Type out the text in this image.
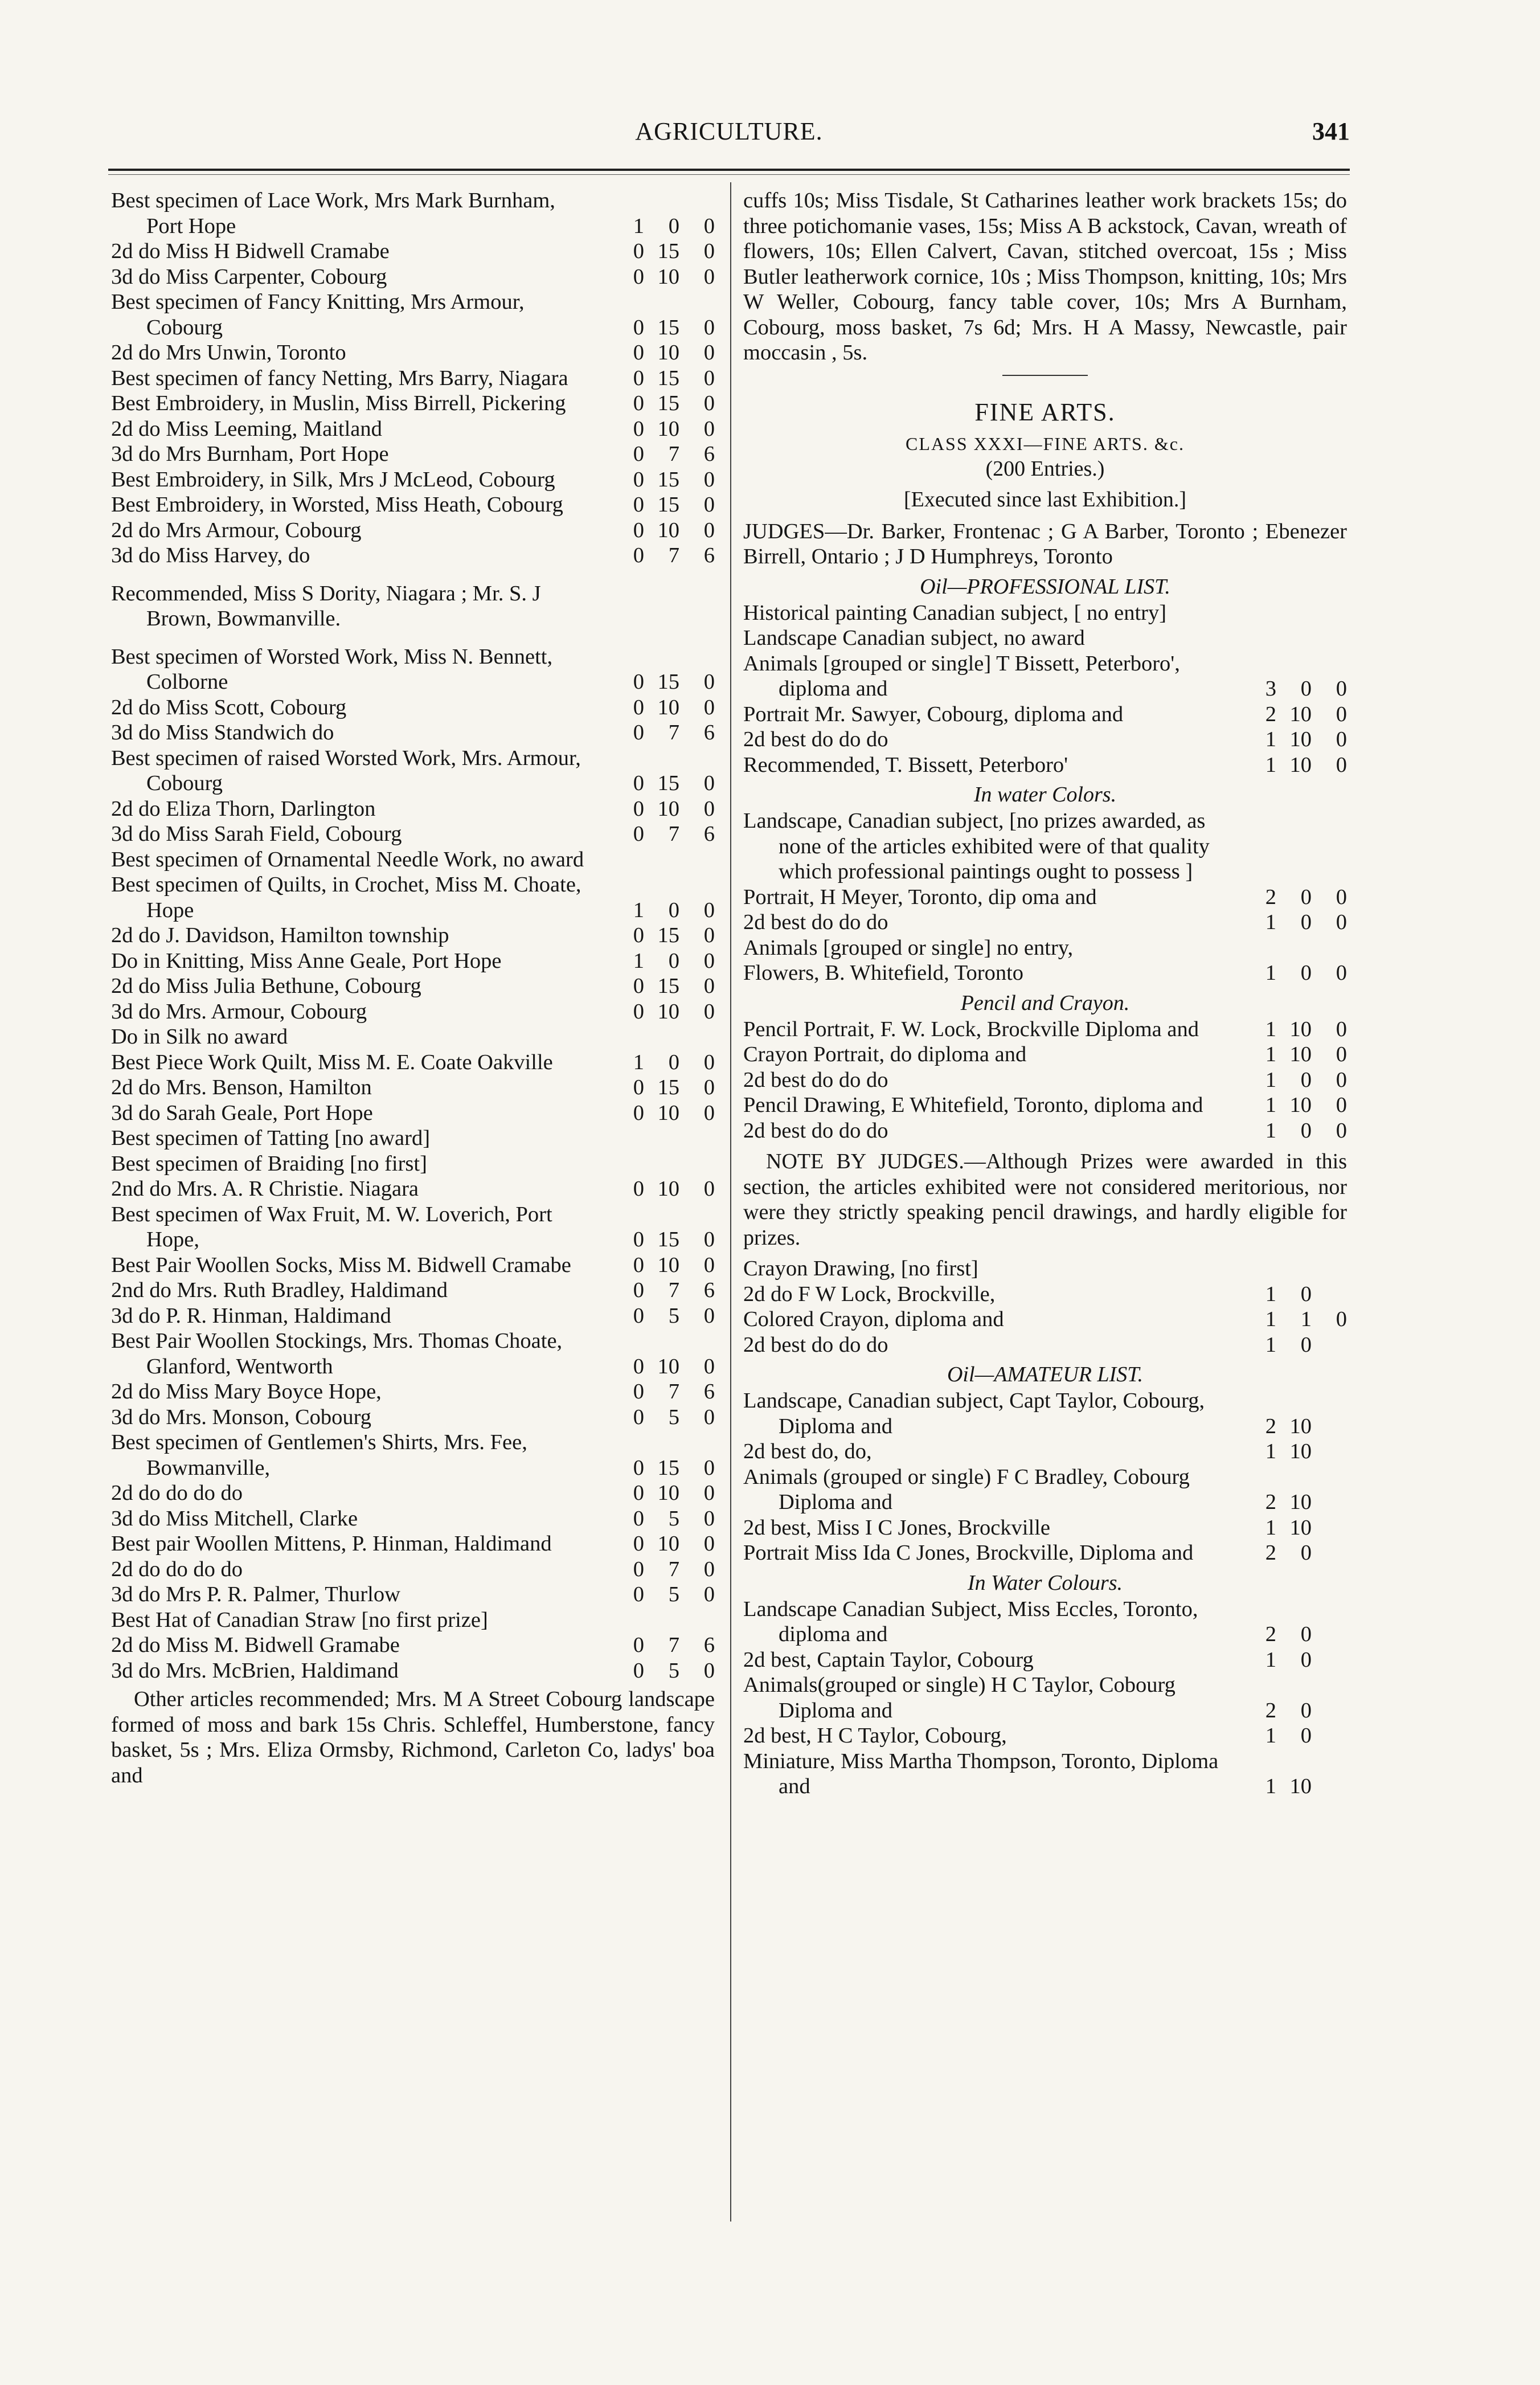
AGRICULTURE.	341
Best specimen of Lace Work, Mrs Mark Burnham, Port Hope	1	0	0
2d do Miss H Bidwell Cramabe	0 15	0
3d do Miss Carpenter, Cobourg	0 10	0
Best specimen of Fancy Knitting, Mrs Armour, Cobourg	0 15	0
2d do Mrs Unwin, Toronto	0 10	0
Best specimen of fancy Netting, Mrs Barry, Niagara	0 15	0
Best Embroidery, in Muslin, Miss Birrell, Pickering	0 15	0
2d do Miss Leeming, Maitland	0 10	0
3d do Mrs Burnham, Port Hope	0	7	6
Best Embroidery, in Silk, Mrs J McLeod, Cobourg	0 15	0
Best Embroidery, in Worsted, Miss Heath, Cobourg	0 15	0
2d do Mrs Armour, Cobourg	0 10	0
3d do Miss Harvey, do	0	7	6
Recommended, Miss S Dority, Niagara ; Mr. S. J Brown, Bowmanville.
Best specimen of Worsted Work, Miss N. Bennett, Colborne	0 15	0
2d do Miss Scott, Cobourg	0 10	0
3d do Miss Standwich do	0	7	6
Best specimen of raised Worsted Work, Mrs. Armour, Cobourg	0 15	0
2d do Eliza Thorn, Darlington	0 10	0
3d do Miss Sarah Field, Cobourg	0	7	6
Best specimen of Ornamental Needle Work, no award
Best specimen of Quilts, in Crochet, Miss M. Choate, Hope	1	0	0
2d do J. Davidson, Hamilton township	0 15	0
Do in Knitting, Miss Anne Geale, Port Hope	1	0	0
2d do Miss Julia Bethune, Cobourg	0 15	0
3d do Mrs. Armour, Cobourg	0 10	0
Do in Silk no award
Best Piece Work Quilt, Miss M. E. Coate Oakville	1	0	0
2d do Mrs. Benson, Hamilton	0 15	0
3d do Sarah Geale, Port Hope	0 10	0
Best specimen of Tatting [no award]
Best specimen of Braiding [no first]
2nd do Mrs. A. R Christie. Niagara	0 10	0
Best specimen of Wax Fruit, M. W. Loverich, Port Hope,	0 15	0
Best Pair Woollen Socks, Miss M. Bidwell Cramabe	0 10	0
2nd do Mrs. Ruth Bradley, Haldimand	0	7	6
3d do P. R. Hinman, Haldimand	0	5	0
Best Pair Woollen Stockings, Mrs. Thomas Choate, Glanford, Wentworth	0 10	0
2d do Miss Mary Boyce Hope,	0	7	6
3d do Mrs. Monson, Cobourg	0	5	0
Best specimen of Gentlemen's Shirts, Mrs. Fee, Bowmanville,	0 15	0
2d do do do do	0 10	0
3d do Miss Mitchell, Clarke	0	5	0
Best pair Woollen Mittens, P. Hinman, Haldimand	0 10	0
2d do do do do	0	7	0
3d do Mrs P. R. Palmer, Thurlow	0	5	0
Best Hat of Canadian Straw [no first prize]
2d do Miss M. Bidwell Gramabe	0	7	6
3d do Mrs. McBrien, Haldimand	0	5	0
Other articles recommended; Mrs. M A Street Cobourg landscape formed of moss and bark 15s Chris. Schleffel, Humberstone, fancy basket, 5s ; Mrs. Eliza Ormsby, Richmond, Carleton Co, ladys' boa and
cuffs 10s; Miss Tisdale, St Catharines leather work brackets 15s; do three potichomanie vases, 15s; Miss A B ackstock, Cavan, wreath of flowers, 10s; Ellen Calvert, Cavan, stitched overcoat, 15s ; Miss Butler leatherwork cornice, 10s ; Miss Thompson, knitting, 10s; Mrs W Weller, Cobourg, fancy table cover, 10s; Mrs A Burnham, Cobourg, moss basket, 7s 6d; Mrs. H A Massy, Newcastle, pair moccasin , 5s.
FINE ARTS.
CLASS XXXI—FINE ARTS. &c.
(200 Entries.)
[Executed since last Exhibition.]
JUDGES—Dr. Barker, Frontenac ; G A Barber, Toronto ; Ebenezer Birrell, Ontario ; J D Humphreys, Toronto
Oil—PROFESSIONAL LIST.
Historical painting Canadian subject, [ no entry]
Landscape Canadian subject, no award
Animals [grouped or single] T Bissett, Peterboro', diploma and	3	0	0
Portrait Mr. Sawyer, Cobourg, diploma and	2 10	0
2d best do do do	1 10	0
Recommended, T. Bissett, Peterboro'	1 10	0
In water Colors.
Landscape, Canadian subject, [no prizes awarded, as none of the articles exhibited were of that quality which professional paintings ought to possess ]
Portrait, H Meyer, Toronto, dip oma and	2	0	0
2d best do do do	1	0	0
Animals [grouped or single] no entry,
Flowers, B. Whitefield, Toronto	1	0	0
Pencil and Crayon.
Pencil Portrait, F. W. Lock, Brockville Diploma and	1 10	0
Crayon Portrait, do diploma and	1 10	0
2d best do do do	1	0	0
Pencil Drawing, E Whitefield, Toronto, diploma and	1 10	0
2d best do do do	1	0	0
NOTE BY JUDGES.—Although Prizes were awarded in this section, the articles exhibited were not considered meritorious, nor were they strictly speaking pencil drawings, and hardly eligible for prizes.
Crayon Drawing, [no first]
2d do F W Lock, Brockville,	1	0
Colored Crayon, diploma and	1	1	0
2d best do do do	1	0
Oil—AMATEUR LIST.
Landscape, Canadian subject, Capt Taylor, Cobourg, Diploma and	2 10
2d best do, do,	1 10
Animals (grouped or single) F C Bradley, Cobourg Diploma and	2 10
2d best, Miss I C Jones, Brockville	1 10
Portrait Miss Ida C Jones, Brockville, Diploma and	2	0
In Water Colours.
Landscape Canadian Subject, Miss Eccles, Toronto, diploma and	2	0
2d best, Captain Taylor, Cobourg	1	0
Animals(grouped or single) H C Taylor, Cobourg Diploma and	2	0
2d best, H C Taylor, Cobourg,	1	0
Miniature, Miss Martha Thompson, Toronto, Diploma and	1 10
